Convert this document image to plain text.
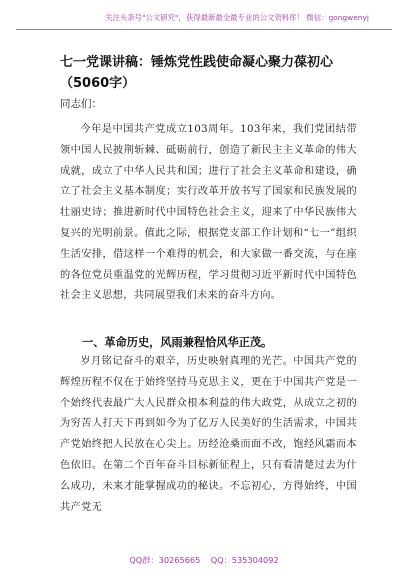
关注头条号"公文研究"，获得最新最全最专业的公文资料库！ 微信：gongwenyj
七一党课讲稿：锤炼党性践使命凝心聚力葆初心（5060字）
同志们：
今年是中国共产党成立103周年。103年来，我们党团结带领中国人民披荆斩棘、砥砺前行，创造了新民主主义革命的伟大成就，成立了中华人民共和国；进行了社会主义革命和建设，确立了社会主义基本制度；实行改革开放书写了国家和民族发展的壮丽史诗；推进新时代中国特色社会主义，迎来了中华民族伟大复兴的光明前景。值此之际，根据党支部工作计划和“七一”组织生活安排，借这样一个难得的机会，和大家做一番交流，与在座的各位党员重温党的光辉历程，学习贯彻习近平新时代中国特色社会主义思想，共同展望我们未来的奋斗方向。
一、革命历史，风雨兼程恰风华正茂。
岁月铭记奋斗的艰辛，历史映射真理的光芒。中国共产党的辉煌历程不仅在于始终坚持马克思主义，更在于中国共产党是一个始终代表最广大人民群众根本利益的伟大政党，从成立之初的为穷苦人打天下再到如今为了亿万人民美好的生活需求，中国共产党始终把人民放在心尖上。历经沧桑而面不改，饱经风霜而本色依旧。在第二个百年奋斗目标新征程上，只有看清楚过去为什么成功，未来才能掌握成功的秘诀。不忘初心，方得始终，中国共产党无
QQ群：30265665    QQ：535304092
